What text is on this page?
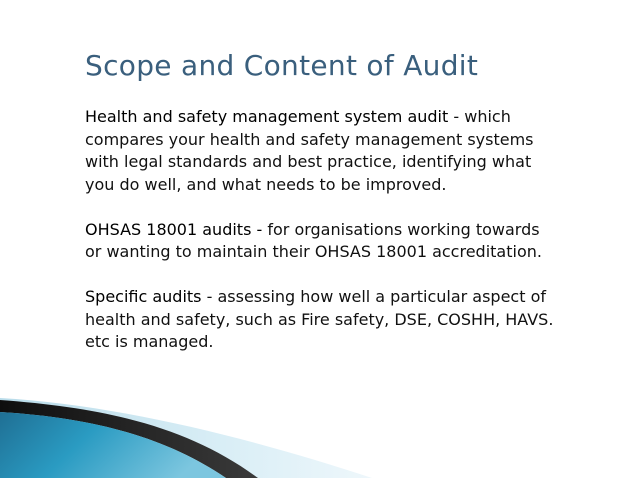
Scope and Content of Audit

Health and safety management system audit - which compares your health and safety management systems with legal standards and best practice, identifying what you do well, and what needs to be improved.

OHSAS 18001 audits - for organisations working towards or wanting to maintain their OHSAS 18001 accreditation.

Specific audits - assessing how well a particular aspect of health and safety, such as Fire safety, DSE, COSHH, HAVS. etc is managed.
